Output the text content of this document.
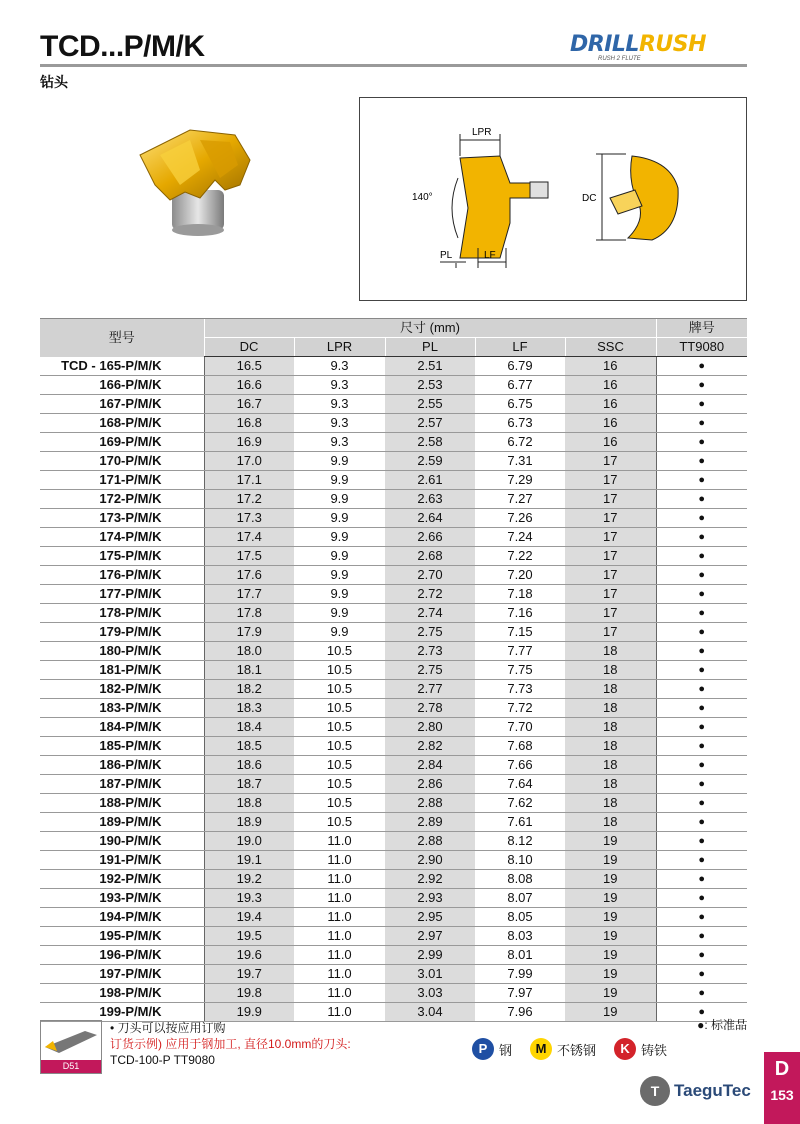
TCD...P/M/K
钻头
DRILLRUSH
RUSH 2 FLUTE
LPR
140°
PL	LF
DC
型号	尺寸 (mm)					牌号
	DC	LPR	PL	LF	SSC	TT9080
TCD - 165-P/M/K	16.5	9.3	2.51	6.79	16	●
166-P/M/K	16.6	9.3	2.53	6.77	16	●
167-P/M/K	16.7	9.3	2.55	6.75	16	●
168-P/M/K	16.8	9.3	2.57	6.73	16	●
169-P/M/K	16.9	9.3	2.58	6.72	16	●
170-P/M/K	17.0	9.9	2.59	7.31	17	●
171-P/M/K	17.1	9.9	2.61	7.29	17	●
172-P/M/K	17.2	9.9	2.63	7.27	17	●
173-P/M/K	17.3	9.9	2.64	7.26	17	●
174-P/M/K	17.4	9.9	2.66	7.24	17	●
175-P/M/K	17.5	9.9	2.68	7.22	17	●
176-P/M/K	17.6	9.9	2.70	7.20	17	●
177-P/M/K	17.7	9.9	2.72	7.18	17	●
178-P/M/K	17.8	9.9	2.74	7.16	17	●
179-P/M/K	17.9	9.9	2.75	7.15	17	●
180-P/M/K	18.0	10.5	2.73	7.77	18	●
181-P/M/K	18.1	10.5	2.75	7.75	18	●
182-P/M/K	18.2	10.5	2.77	7.73	18	●
183-P/M/K	18.3	10.5	2.78	7.72	18	●
184-P/M/K	18.4	10.5	2.80	7.70	18	●
185-P/M/K	18.5	10.5	2.82	7.68	18	●
186-P/M/K	18.6	10.5	2.84	7.66	18	●
187-P/M/K	18.7	10.5	2.86	7.64	18	●
188-P/M/K	18.8	10.5	2.88	7.62	18	●
189-P/M/K	18.9	10.5	2.89	7.61	18	●
190-P/M/K	19.0	11.0	2.88	8.12	19	●
191-P/M/K	19.1	11.0	2.90	8.10	19	●
192-P/M/K	19.2	11.0	2.92	8.08	19	●
193-P/M/K	19.3	11.0	2.93	8.07	19	●
194-P/M/K	19.4	11.0	2.95	8.05	19	●
195-P/M/K	19.5	11.0	2.97	8.03	19	●
196-P/M/K	19.6	11.0	2.99	8.01	19	●
197-P/M/K	19.7	11.0	3.01	7.99	19	●
198-P/M/K	19.8	11.0	3.03	7.97	19	●
199-P/M/K	19.9	11.0	3.04	7.96	19	●
D51
• 刀头可以按应用订购
订货示例) 应用于钢加工, 直径10.0mm的刀头:
TCD-100-P TT9080
●: 标准品
P 钢	M 不锈钢	K 铸铁
T TaeguTec
D
153
